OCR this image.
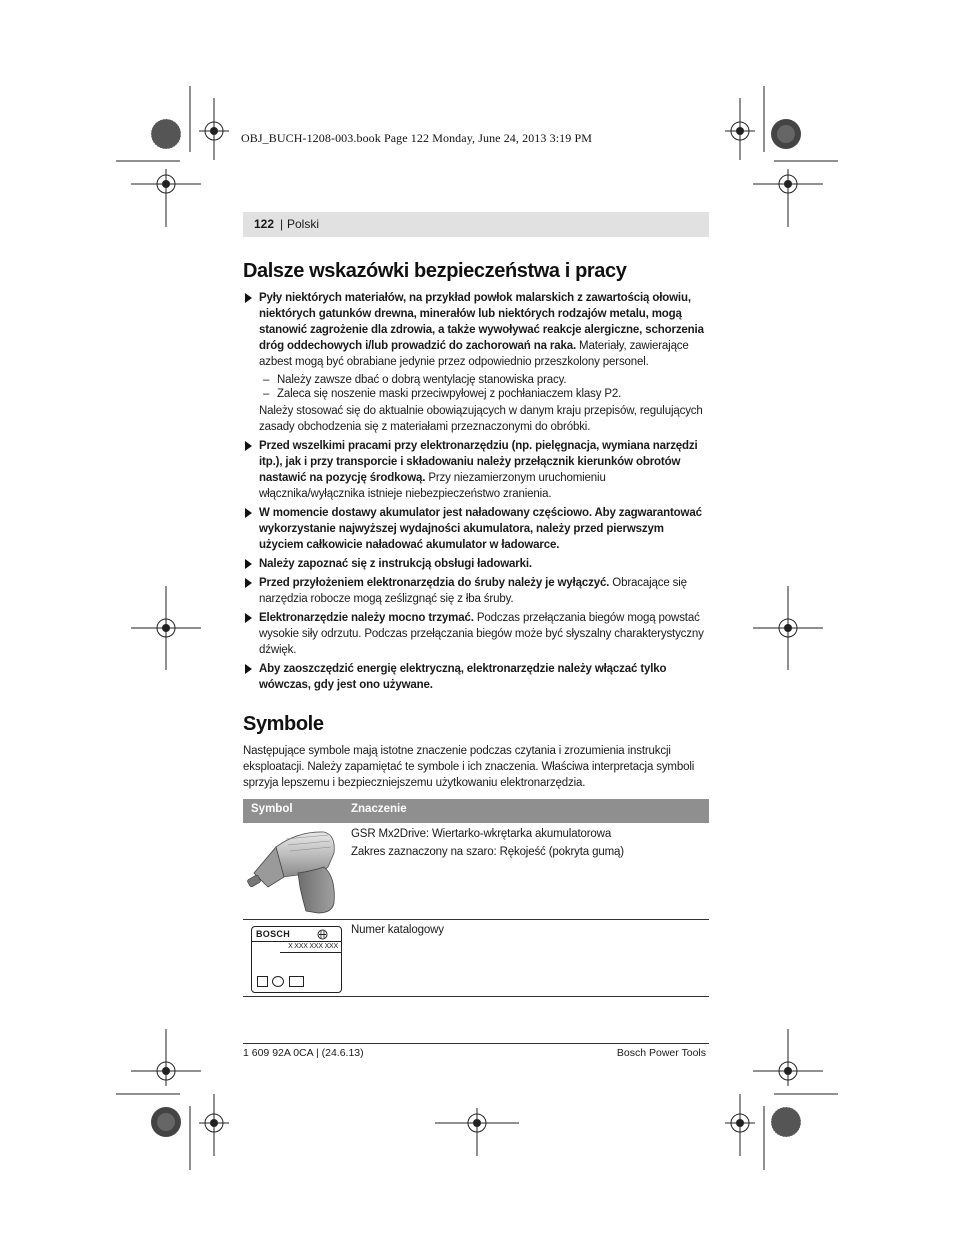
OBJ_BUCH-1208-003.book Page 122 Monday, June 24, 2013 3:19 PM
122 | Polski
Dalsze wskazówki bezpieczeństwa i pracy
Pyły niektórych materiałów, na przykład powłok malarskich z zawartością ołowiu, niektórych gatunków drewna, minerałów lub niektórych rodzajów metalu, mogą stanowić zagrożenie dla zdrowia, a także wywoływać reakcje alergiczne, schorzenia dróg oddechowych i/lub prowadzić do zachorowań na raka. Materiały, zawierające azbest mogą być obrabiane jedynie przez odpowiednio przeszkolony personel.
– Należy zawsze dbać o dobrą wentylację stanowiska pracy.
– Zaleca się noszenie maski przeciwpyłowej z pochłaniaczem klasy P2.
Należy stosować się do aktualnie obowiązujących w danym kraju przepisów, regulujących zasady obchodzenia się z materiałami przeznaczonymi do obróbki.
Przed wszelkimi pracami przy elektronarzędziu (np. pielęgnacja, wymiana narzędzi itp.), jak i przy transporcie i składowaniu należy przełącznik kierunków obrotów nastawić na pozycję środkową. Przy niezamierzonym uruchomieniu włącznika/wyłącznika istnieje niebezpieczeństwo zranienia.
W momencie dostawy akumulator jest naładowany częściowo. Aby zagwarantować wykorzystanie najwyższej wydajności akumulatora, należy przed pierwszym użyciem całkowicie naładować akumulator w ładowarce.
Należy zapoznać się z instrukcją obsługi ładowarki.
Przed przyłożeniem elektronarzędzia do śruby należy je wyłączyć. Obracające się narzędzia robocze mogą ześlizgnąć się z łba śruby.
Elektronarzędzie należy mocno trzymać. Podczas przełączania biegów mogą powstać wysokie siły odrzutu. Podczas przełączania biegów może być słyszalny charakterystyczny dźwięk.
Aby zaoszczędzić energię elektryczną, elektronarzędzie należy włączać tylko wówczas, gdy jest ono używane.
Symbole
Następujące symbole mają istotne znaczenie podczas czytania i zrozumienia instrukcji eksploatacji. Należy zapamiętać te symbole i ich znaczenia. Właściwa interpretacja symboli sprzyja lepszemu i bezpieczniejszemu użytkowaniu elektronarzędzia.
Symbol	Znaczenie
GSR Mx2Drive: Wiertarko-wkrętarka akumulatorowa
Zakres zaznaczony na szaro: Rękojeść (pokryta gumą)
BOSCH
X XXX XXX XXX
Numer katalogowy
1 609 92A 0CA | (24.6.13)	Bosch Power Tools
